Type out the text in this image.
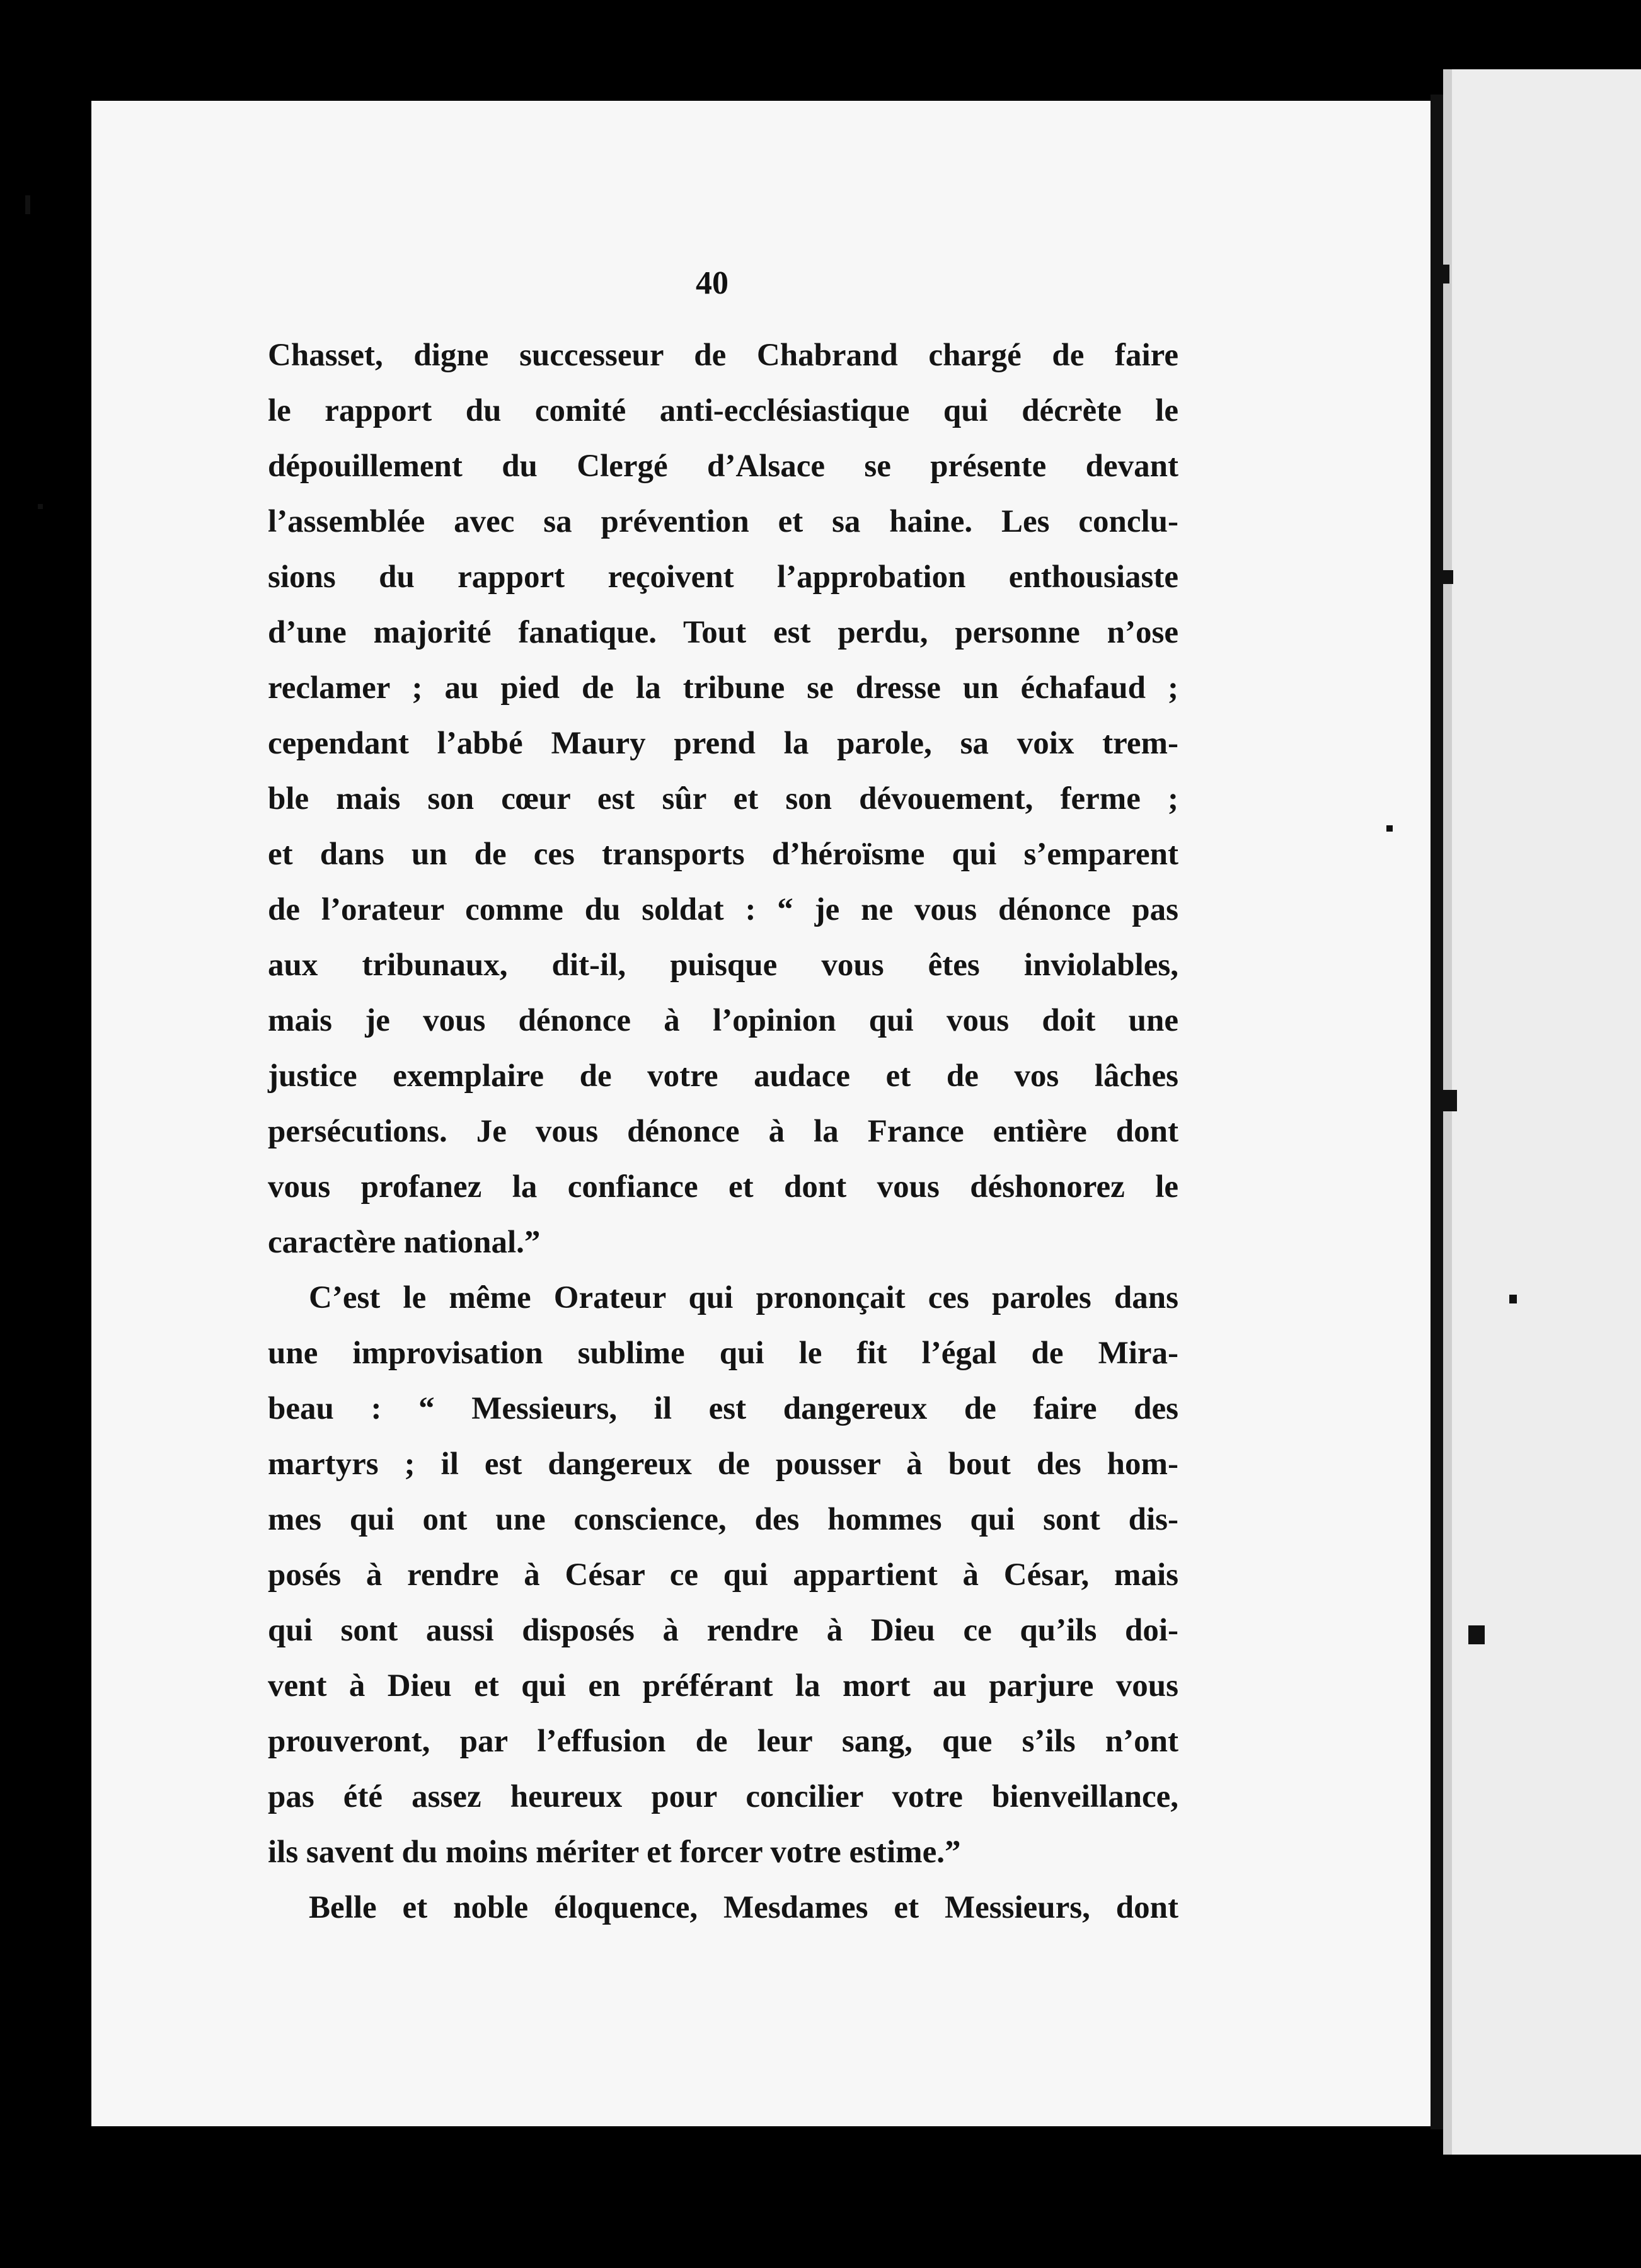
40
Chasset, digne successeur de Chabrand chargé de faire
le rapport du comité anti-ecclésiastique qui décrète le
dépouillement du Clergé d’Alsace se présente devant
l’assemblée avec sa prévention et sa haine. Les conclu-
sions du rapport reçoivent l’approbation enthousiaste
d’une majorité fanatique. Tout est perdu, personne n’ose
reclamer ; au pied de la tribune se dresse un échafaud ;
cependant l’abbé Maury prend la parole, sa voix trem-
ble mais son cœur est sûr et son dévouement, ferme ;
et dans un de ces transports d’héroïsme qui s’emparent
de l’orateur comme du soldat : “ je ne vous dénonce pas
aux tribunaux, dit-il, puisque vous êtes inviolables,
mais je vous dénonce à l’opinion qui vous doit une
justice exemplaire de votre audace et de vos lâches
persécutions. Je vous dénonce à la France entière dont
vous profanez la confiance et dont vous déshonorez le
caractère national.”
C’est le même Orateur qui prononçait ces paroles dans
une improvisation sublime qui le fit l’égal de Mira-
beau : “ Messieurs, il est dangereux de faire des
martyrs ; il est dangereux de pousser à bout des hom-
mes qui ont une conscience, des hommes qui sont dis-
posés à rendre à César ce qui appartient à César, mais
qui sont aussi disposés à rendre à Dieu ce qu’ils doi-
vent à Dieu et qui en préférant la mort au parjure vous
prouveront, par l’effusion de leur sang, que s’ils n’ont
pas été assez heureux pour concilier votre bienveillance,
ils savent du moins mériter et forcer votre estime.”
Belle et noble éloquence, Mesdames et Messieurs, dont
